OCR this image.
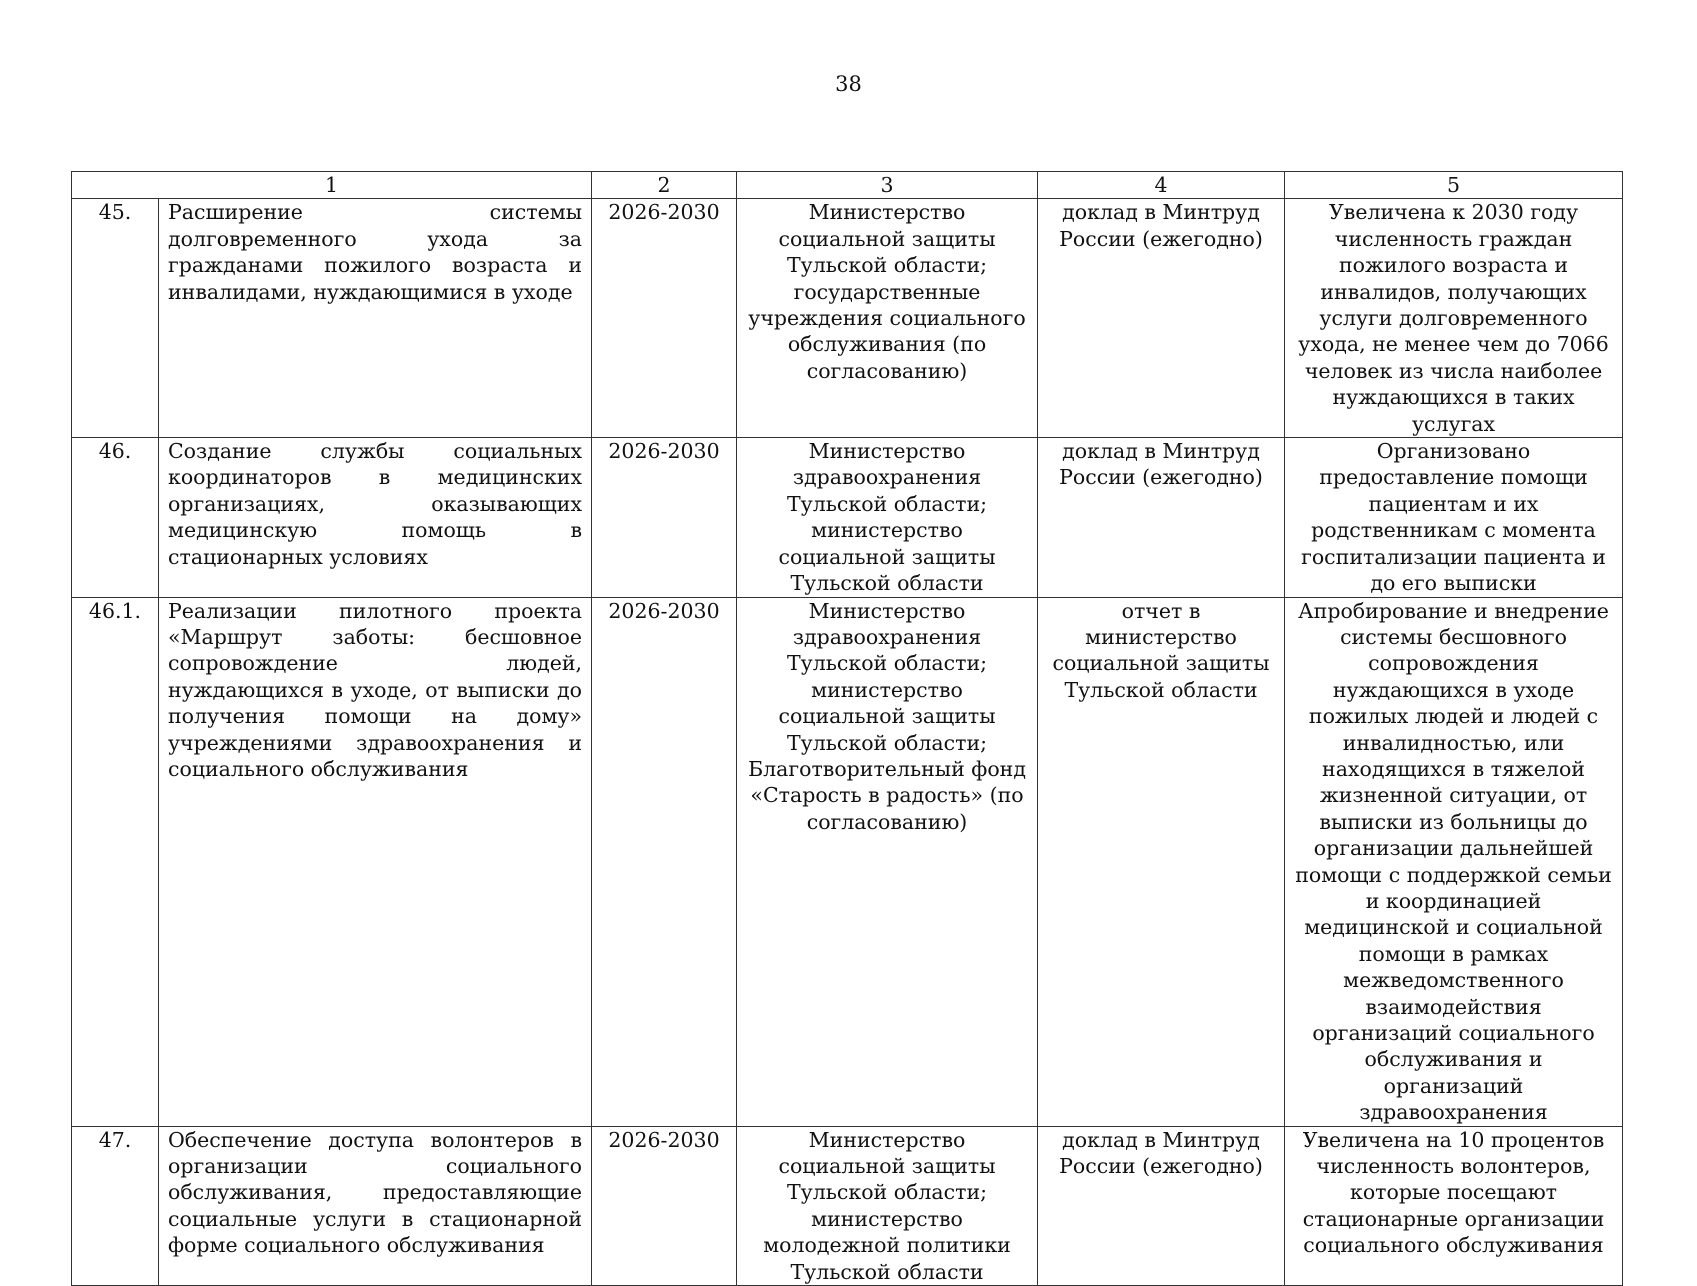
38
1		2	3	4	5
45.	Расширение системы долговременного ухода за гражданами пожилого возраста и инвалидами, нуждающимися в уходе	2026-2030	Министерство социальной защиты Тульской области; государственные учреждения социального обслуживания (по согласованию)	доклад в Минтруд России (ежегодно)	Увеличена к 2030 году численность граждан пожилого возраста и инвалидов, получающих услуги долговременного ухода, не менее чем до 7066 человек из числа наиболее нуждающихся в таких услугах
46.	Создание службы социальных координаторов в медицинских организациях, оказывающих медицинскую помощь в стационарных условиях	2026-2030	Министерство здравоохранения Тульской области; министерство социальной защиты Тульской области	доклад в Минтруд России (ежегодно)	Организовано предоставление помощи пациентам и их родственникам с момента госпитализации пациента и до его выписки
46.1.	Реализации пилотного проекта «Маршрут заботы: бесшовное сопровождение людей, нуждающихся в уходе, от выписки до получения помощи на дому» учреждениями здравоохранения и социального обслуживания	2026-2030	Министерство здравоохранения Тульской области; министерство социальной защиты Тульской области; Благотворительный фонд «Старость в радость» (по согласованию)	отчет в министерство социальной защиты Тульской области	Апробирование и внедрение системы бесшовного сопровождения нуждающихся в уходе пожилых людей и людей с инвалидностью, или находящихся в тяжелой жизненной ситуации, от выписки из больницы до организации дальнейшей помощи с поддержкой семьи и координацией медицинской и социальной помощи в рамках межведомственного взаимодействия организаций социального обслуживания и организаций здравоохранения
47.	Обеспечение доступа волонтеров в организации социального обслуживания, предоставляющие социальные услуги в стационарной форме социального обслуживания	2026-2030	Министерство социальной защиты Тульской области; министерство молодежной политики Тульской области	доклад в Минтруд России (ежегодно)	Увеличена на 10 процентов численность волонтеров, которые посещают стационарные организации социального обслуживания
